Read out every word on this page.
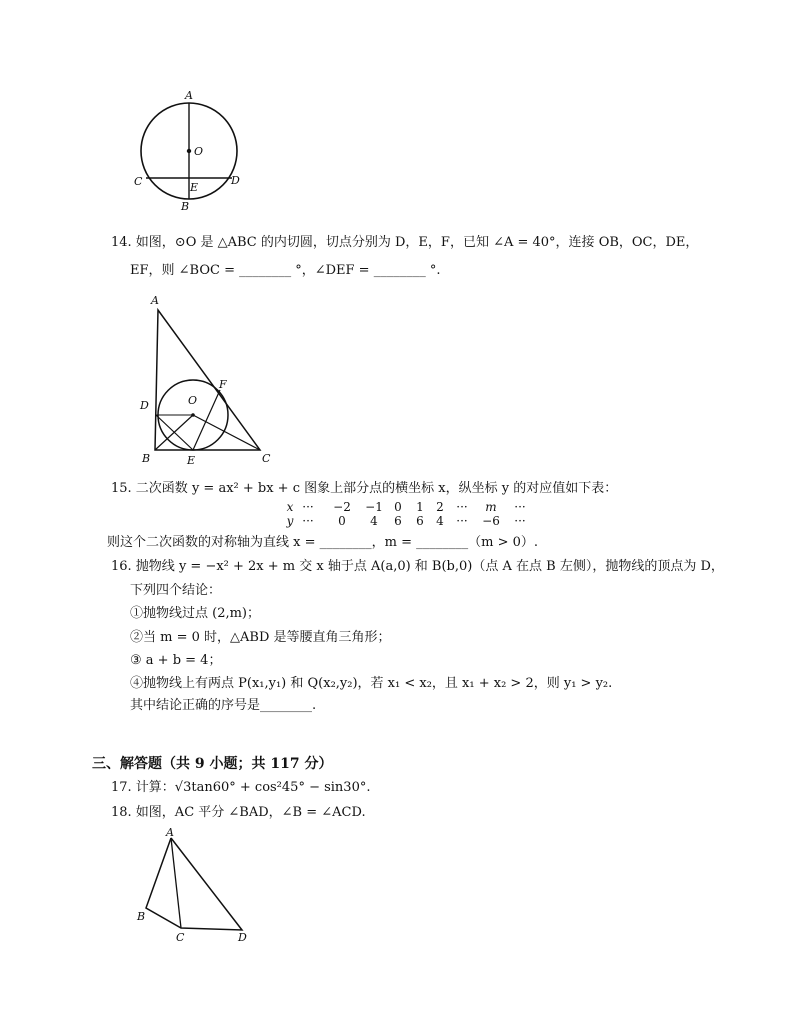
A
O
C	D
E
B
14. 如图，⊙O 是 △ABC 的内切圆，切点分别为 D，E，F，已知 ∠A = 40°，连接 OB，OC，DE，
EF，则 ∠BOC = ________ °，∠DEF = ________ °.
A
D	O
F
B	E	C
15. 二次函数 y = ax² + bx + c 图象上部分点的横坐标 x，纵坐标 y 的对应值如下表：
x ···	−2 −1 0	1	2	···	m	···
y ···	0	4	6	6	4	···	−6	···
则这个二次函数的对称轴为直线 x = ________，m = ________（m > 0）.
16. 抛物线 y = −x² + 2x + m 交 x 轴于点 A(a,0) 和 B(b,0)（点 A 在点 B 左侧），抛物线的顶点为 D，
下列四个结论：
①抛物线过点 (2,m)；
②当 m = 0 时，△ABD 是等腰直角三角形；
③ a + b = 4；
④抛物线上有两点 P(x₁,y₁) 和 Q(x₂,y₂)，若 x₁ < x₂，且 x₁ + x₂ > 2，则 y₁ > y₂.
其中结论正确的序号是________.
三、解答题（共 9 小题；共 117 分）
17. 计算：√3tan60° + cos²45° − sin30°.
18. 如图，AC 平分 ∠BAD，∠B = ∠ACD.
A
B
C	D
